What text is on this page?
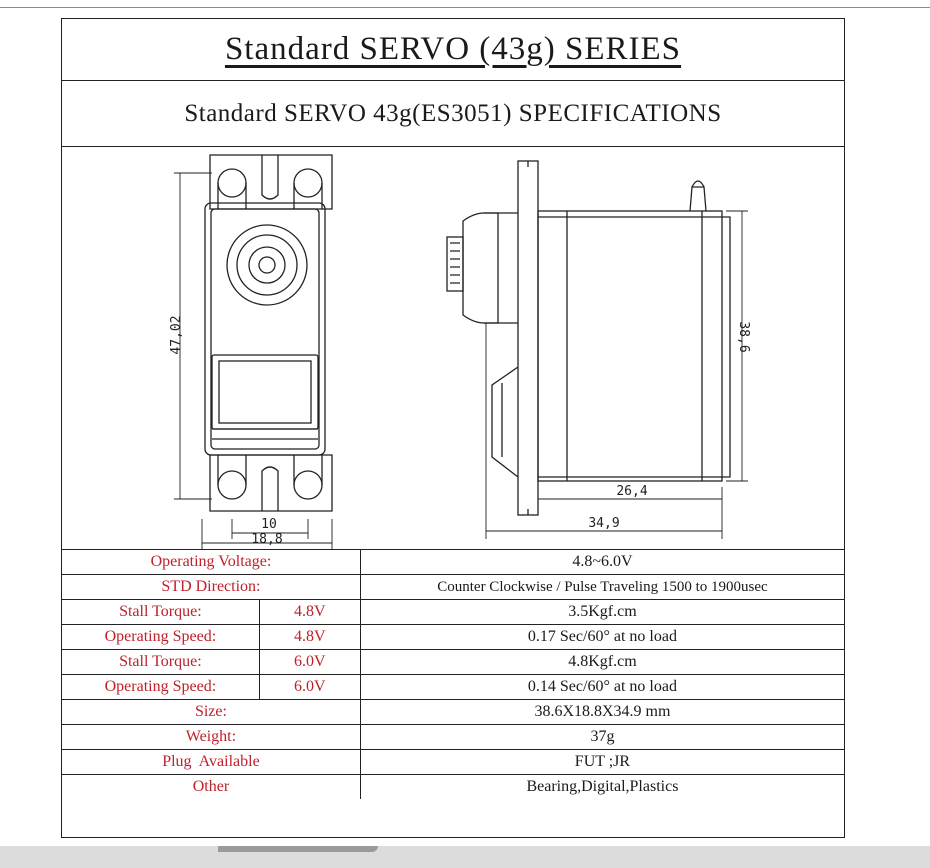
Standard SERVO (43g) SERIES
Standard SERVO 43g(ES3051) SPECIFICATIONS
47,02	38,6
10
18,8
26,4
34,9
Operating Voltage:		4.8~6.0V
STD Direction:		Counter Clockwise / Pulse Traveling 1500 to 1900usec
Stall Torque:	4.8V	3.5Kgf.cm
Operating Speed:	4.8V	0.17 Sec/60° at no load
Stall Torque:	6.0V	4.8Kgf.cm
Operating Speed:	6.0V	0.14 Sec/60° at no load
Size:		38.6X18.8X34.9 mm
Weight:		37g
Plug  Available		FUT ;JR
Other		Bearing,Digital,Plastics
